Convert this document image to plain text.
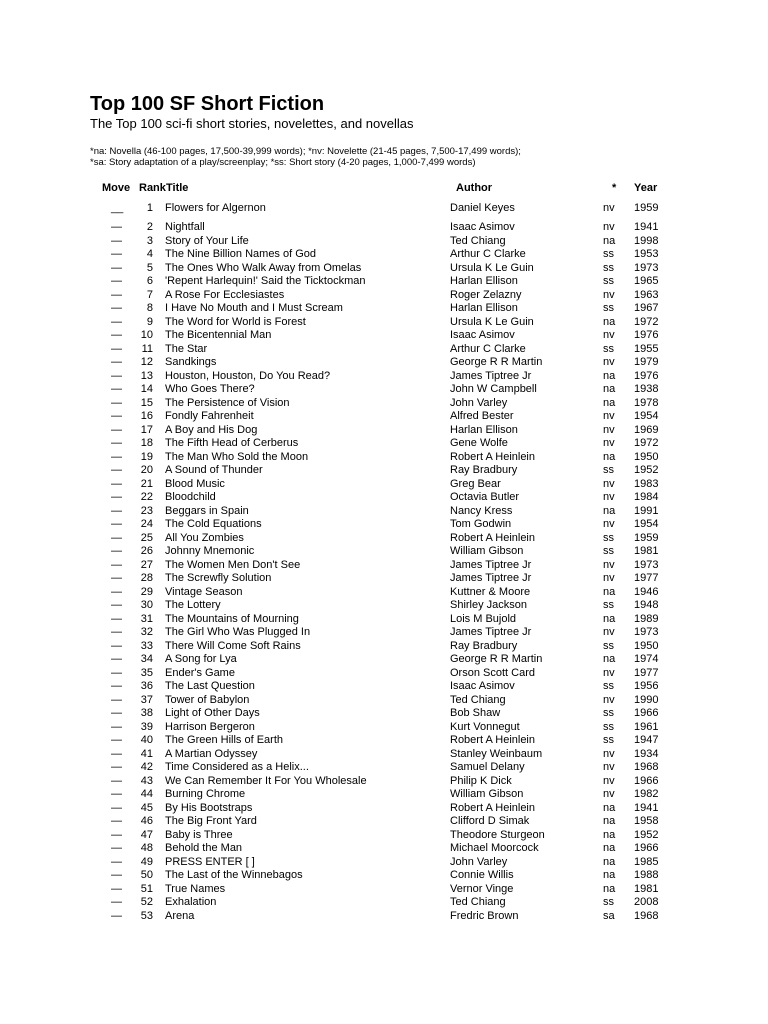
Top 100 SF Short Fiction
The Top 100 sci-fi short stories, novelettes, and novellas
*na: Novella (46-100 pages, 17,500-39,999 words); *nv: Novelette (21-45 pages, 7,500-17,499 words);
*sa: Story adaptation of a play/screenplay; *ss: Short story (4-20 pages, 1,000-7,499 words)
Move Rank Title	Author	* Year
__	1 Flowers for Algernon	Daniel Keyes	nv 1959
—	2 Nightfall	Isaac Asimov	nv 1941
—	3 Story of Your Life	Ted Chiang	na 1998
—	4 The Nine Billion Names of God	Arthur C Clarke	ss 1953
—	5 The Ones Who Walk Away from Omelas	Ursula K Le Guin	ss 1973
—	6 'Repent Harlequin!' Said the Ticktockman	Harlan Ellison	ss 1965
—	7 A Rose For Ecclesiastes	Roger Zelazny	nv 1963
—	8 I Have No Mouth and I Must Scream	Harlan Ellison	ss 1967
—	9 The Word for World is Forest	Ursula K Le Guin	na 1972
—	10 The Bicentennial Man	Isaac Asimov	nv 1976
—	11 The Star	Arthur C Clarke	ss 1955
—	12 Sandkings	George R R Martin	nv 1979
—	13 Houston, Houston, Do You Read?	James Tiptree Jr	na 1976
—	14 Who Goes There?	John W Campbell	na 1938
—	15 The Persistence of Vision	John Varley	na 1978
—	16 Fondly Fahrenheit	Alfred Bester	nv 1954
—	17 A Boy and His Dog	Harlan Ellison	nv 1969
—	18 The Fifth Head of Cerberus	Gene Wolfe	nv 1972
—	19 The Man Who Sold the Moon	Robert A Heinlein	na 1950
—	20 A Sound of Thunder	Ray Bradbury	ss 1952
—	21 Blood Music	Greg Bear	nv 1983
—	22 Bloodchild	Octavia Butler	nv 1984
—	23 Beggars in Spain	Nancy Kress	na 1991
—	24 The Cold Equations	Tom Godwin	nv 1954
—	25 All You Zombies	Robert A Heinlein	ss 1959
—	26 Johnny Mnemonic	William Gibson	ss 1981
—	27 The Women Men Don't See	James Tiptree Jr	nv 1973
—	28 The Screwfly Solution	James Tiptree Jr	nv 1977
—	29 Vintage Season	Kuttner & Moore	na 1946
—	30 The Lottery	Shirley Jackson	ss 1948
—	31 The Mountains of Mourning	Lois M Bujold	na 1989
—	32 The Girl Who Was Plugged In	James Tiptree Jr	nv 1973
—	33 There Will Come Soft Rains	Ray Bradbury	ss 1950
—	34 A Song for Lya	George R R Martin	na 1974
—	35 Ender's Game	Orson Scott Card	nv 1977
—	36 The Last Question	Isaac Asimov	ss 1956
—	37 Tower of Babylon	Ted Chiang	nv 1990
—	38 Light of Other Days	Bob Shaw	ss 1966
—	39 Harrison Bergeron	Kurt Vonnegut	ss 1961
—	40 The Green Hills of Earth	Robert A Heinlein	ss 1947
—	41 A Martian Odyssey	Stanley Weinbaum	nv 1934
—	42 Time Considered as a Helix...	Samuel Delany	nv 1968
—	43 We Can Remember It For You Wholesale	Philip K Dick	nv 1966
—	44 Burning Chrome	William Gibson	nv 1982
—	45 By His Bootstraps	Robert A Heinlein	na 1941
—	46 The Big Front Yard	Clifford D Simak	na 1958
—	47 Baby is Three	Theodore Sturgeon	na 1952
—	48 Behold the Man	Michael Moorcock	na 1966
—	49 PRESS ENTER [ ]	John Varley	na 1985
—	50 The Last of the Winnebagos	Connie Willis	na 1988
—	51 True Names	Vernor Vinge	na 1981
—	52 Exhalation	Ted Chiang	ss 2008
—	53 Arena	Fredric Brown	sa 1968
